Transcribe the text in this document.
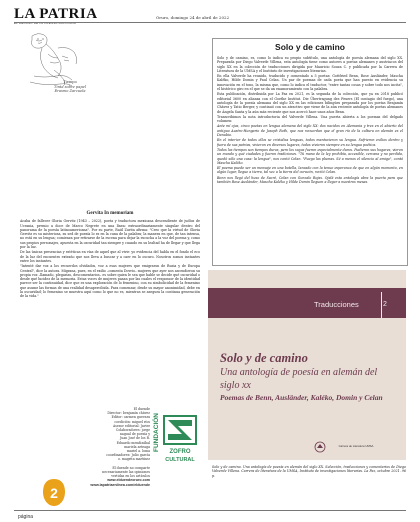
LA PATRIA
EL DECANO DE LA PRENSA BOLIVIANA
Oruro, domingo 24 de abril de 2022
Tiempo
Tinta sobre papel
Erasmo Zarzuela
Gervita In memoriam

Acaba de fallecer Gloria Gervitz (1943 – 2022), poeta y traductora mexicana descendiente de judíos de Ucrania, premio a doce de Marco Negrete en una línea: extraordinariamente singular dentro del panorama de la poesía latinoamericana". Por su parte, Raúl Zurita afirma: "Creo que la virtud de Gloria Gervitz es su misteriosa, su sed de poesía lo es en la cuna de la palabra; la manera en que, de tan intensa, no está en su lengua; comienza por retirarse de la escena para dejar la escucha a la voz del poema y, como sus propios personajes, apuesta en la oscuridad tan siempre y cuando en su lealtad ha de llegar y que llega por la luz.

De las únicas presencias y estéticas en vías de aquel que al vivir: yo evidencia del habla en el fondo el eco de la luz del encuentro extraño que nos lleva a buscar y a caer en lo oscuro. Nosotros somos instantes entre los instantes.

"Intenté dar voz a los recuerdos olvidados, voz a esas mujeres que emigraron de Rusia y de Europa Central", dice la autora. Migrana, pues, en el exilio –comenta Dovrio– mujeres que ayer nos ascendieron su propia voz –llamado, plegarias, descomentarios– es sobre quien le sea que hable se decide qué oscuridad o desde qué lucidez de la memoria. Estas voces de mujeres pasan por las cuales el responsor de la identidad parece ser la continuidad, dice que es una exploración de lo femenino, con su simbolicidad de la femenino que asume las formas de una realidad desapercibida. Para comenzar, desde su mayor anonimidad, debe en la oscuridad; lo femenino se muestra aquí como lo que no es, mientras se asegura la continua generación de la vida."

Solo y de camino

Solo y de camino, es, como lo indica su propio subtítulo, una antología de poesía alemana del siglo XX. Preparada por Diego Valverde Villena, esta antología tiene como autores a poetas alemanes y austriacos del siglo XX en la colección de traducciones dirigida por Mauricio Souza C. y publicada por la Carrera de Literatura de la UMSA y el Instituto de investigaciones literarias.

En ella Valverde ha reunido, traducido y comentado a 5 poetas: Gottfried Benn, Rose Ausländer, Mascha Kaléko, Hilde Domin y Paul Celan. Un par de poemas de cada poeta que han puesto en evidencia su innovación en el tono, la misma que, como lo indica el traductor, "entre tantas cosas y sobre todo nos incita", el histórico giro en el que se da un enamoramiento con la palabra.

Esta publicación, distribuida por La Paz en 2021, es la segunda de la colección, que ya en 2018 publicó editorial 3600 en alianza con el Goethe Institut. Die Übertragung des Feuers (El contagio del fuego), una antología de la poesía alemana del siglo XX en las ediciones bilingües preparada por los poetas Benjamín Chávez y Tatio Berger, y continuó con un atractivo que viene de la aún reciente antología de poetas alemanes de Ángela Santa y la aún más reciente que nos acercó hace unos años Benn.

Transcribimos la nota introductoria del Valverde Villena. Una puerta abierta a los poemas del delgado volumen:

Ante mí ojos, cinco poetas en lengua alemana del siglo XX: dos nacidos en Alemania y tres en el abierto del antiguo Austro-Hungario de Joseph Roth, que nos recuerdan que el gran río de la cultura en alemán es el Danubio.

En el interior de todos ellos se cristaliza lenguas, todos mantuvieron su lengua. Sufrieron exilios dentro y fuera de sus patrias, vivieron en diversos lugares, todos vivieron siempre en su lengua poética.

Todos los tiempos son tiempos duros, pero los suyos fueron especialmente duros. Pudieron sus hogares, vieron un mundo y qué ciudades y fueron tradiciones. "Tú mano de la ley prohibía, accesible, cercana y no perdida, quedó sólo una cosa: la lengua", nos contó Celan. "Fuego las plumas. Sé a menos el silencio al amigo", contó Mascha Kaléko.

El poema puede ser un mensaje en una botella, lanzado con la tenue esperanza de que en algún momento, en algún lugar, llegue a tierra, tal vez a la tierra del corazón, recitó Celan.

Benn nos llegó del huso de Sacré, Celan con Gonzalo Rojas. Ojalá esta antología abra la puerta para que también Rose Ausländer, Mascha Kaléko y Hilde Domin lleguen a llegar a nuestros mesas.

Traducciones	2
Solo y de camino
Una antología de poesía en alemán del siglo xx
Poemas de Benn, Ausländer, Kaléko, Domin y Celan
Carrera de Literatura UMSA

Solo y de camino. Una antología de poesía en alemán del siglo XX. Selección, traducciones y comentarios de Diego Valverde Villena. Carrera de literatura de la UMSA, Instituto de investigaciones literarias. La Paz, octubre 2021. 96 p.

El duende
Director: benjamín chávez
Editor: carmen guevara
coedición: miguel ríos
Asesor editorial: Javier
Colaboradores: jorge
nagual de poesía y
Juan José de los R.
Eduardo mendizábal
mariela arteaga
mariel a. loma
coordinadores: Julio garcía
o. magrita martínez

El duende no comparte
necesariamente las opiniones
vertidas en los artículos
www.elduendeoruro.com
www.lapatriaenlinea.com/elduende
FUNDACIÓN ZOFRO
CULTURAL
página
2
